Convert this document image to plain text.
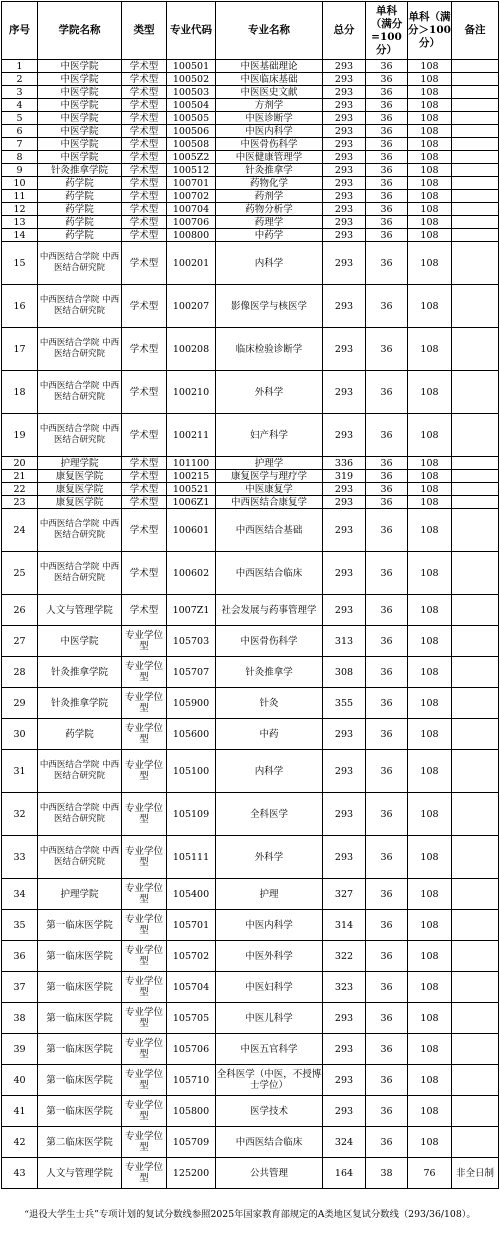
序号	学院名称	类型	专业代码	专业名称	总分	单科（满分=100分）	单科（满分＞100分）	备注
1	中医学院	学术型	100501	中医基础理论	293	36	108	
2	中医学院	学术型	100502	中医临床基础	293	36	108	
3	中医学院	学术型	100503	中医医史文献	293	36	108	
4	中医学院	学术型	100504	方剂学	293	36	108	
5	中医学院	学术型	100505	中医诊断学	293	36	108	
6	中医学院	学术型	100506	中医内科学	293	36	108	
7	中医学院	学术型	100508	中医骨伤科学	293	36	108	
8	中医学院	学术型	1005Z2	中医健康管理学	293	36	108	
9	针灸推拿学院	学术型	100512	针灸推拿学	293	36	108	
10	药学院	学术型	100701	药物化学	293	36	108	
11	药学院	学术型	100702	药剂学	293	36	108	
12	药学院	学术型	100704	药物分析学	293	36	108	
13	药学院	学术型	100706	药理学	293	36	108	
14	药学院	学术型	100800	中药学	293	36	108	
15	中西医结合学院 中西医结合研究院	学术型	100201	内科学	293	36	108	
16	中西医结合学院 中西医结合研究院	学术型	100207	影像医学与核医学	293	36	108	
17	中西医结合学院 中西医结合研究院	学术型	100208	临床检验诊断学	293	36	108	
18	中西医结合学院 中西医结合研究院	学术型	100210	外科学	293	36	108	
19	中西医结合学院 中西医结合研究院	学术型	100211	妇产科学	293	36	108	
20	护理学院	学术型	101100	护理学	336	36	108	
21	康复医学院	学术型	100215	康复医学与理疗学	319	36	108	
22	康复医学院	学术型	100521	中医康复学	293	36	108	
23	康复医学院	学术型	1006Z1	中西医结合康复学	293	36	108	
24	中西医结合学院 中西医结合研究院	学术型	100601	中西医结合基础	293	36	108	
25	中西医结合学院 中西医结合研究院	学术型	100602	中西医结合临床	293	36	108	
26	人文与管理学院	学术型	1007Z1	社会发展与药事管理学	293	36	108	
27	中医学院	专业学位型	105703	中医骨伤科学	313	36	108	
28	针灸推拿学院	专业学位型	105707	针灸推拿学	308	36	108	
29	针灸推拿学院	专业学位型	105900	针灸	355	36	108	
30	药学院	专业学位型	105600	中药	293	36	108	
31	中西医结合学院 中西医结合研究院	专业学位型	105100	内科学	293	36	108	
32	中西医结合学院 中西医结合研究院	专业学位型	105109	全科医学	293	36	108	
33	中西医结合学院 中西医结合研究院	专业学位型	105111	外科学	293	36	108	
34	护理学院	专业学位型	105400	护理	327	36	108	
35	第一临床医学院	专业学位型	105701	中医内科学	314	36	108	
36	第一临床医学院	专业学位型	105702	中医外科学	322	36	108	
37	第一临床医学院	专业学位型	105704	中医妇科学	323	36	108	
38	第一临床医学院	专业学位型	105705	中医儿科学	293	36	108	
39	第一临床医学院	专业学位型	105706	中医五官科学	293	36	108	
40	第一临床医学院	专业学位型	105710	全科医学（中医，不授博士学位）	293	36	108	
41	第一临床医学院	专业学位型	105800	医学技术	293	36	108	
42	第二临床医学院	专业学位型	105709	中西医结合临床	324	36	108	
43	人文与管理学院	专业学位型	125200	公共管理	164	38	76	非全日制
“退役大学生士兵”专项计划的复试分数线参照2025年国家教育部规定的A类地区复试分数线（293/36/108）。
